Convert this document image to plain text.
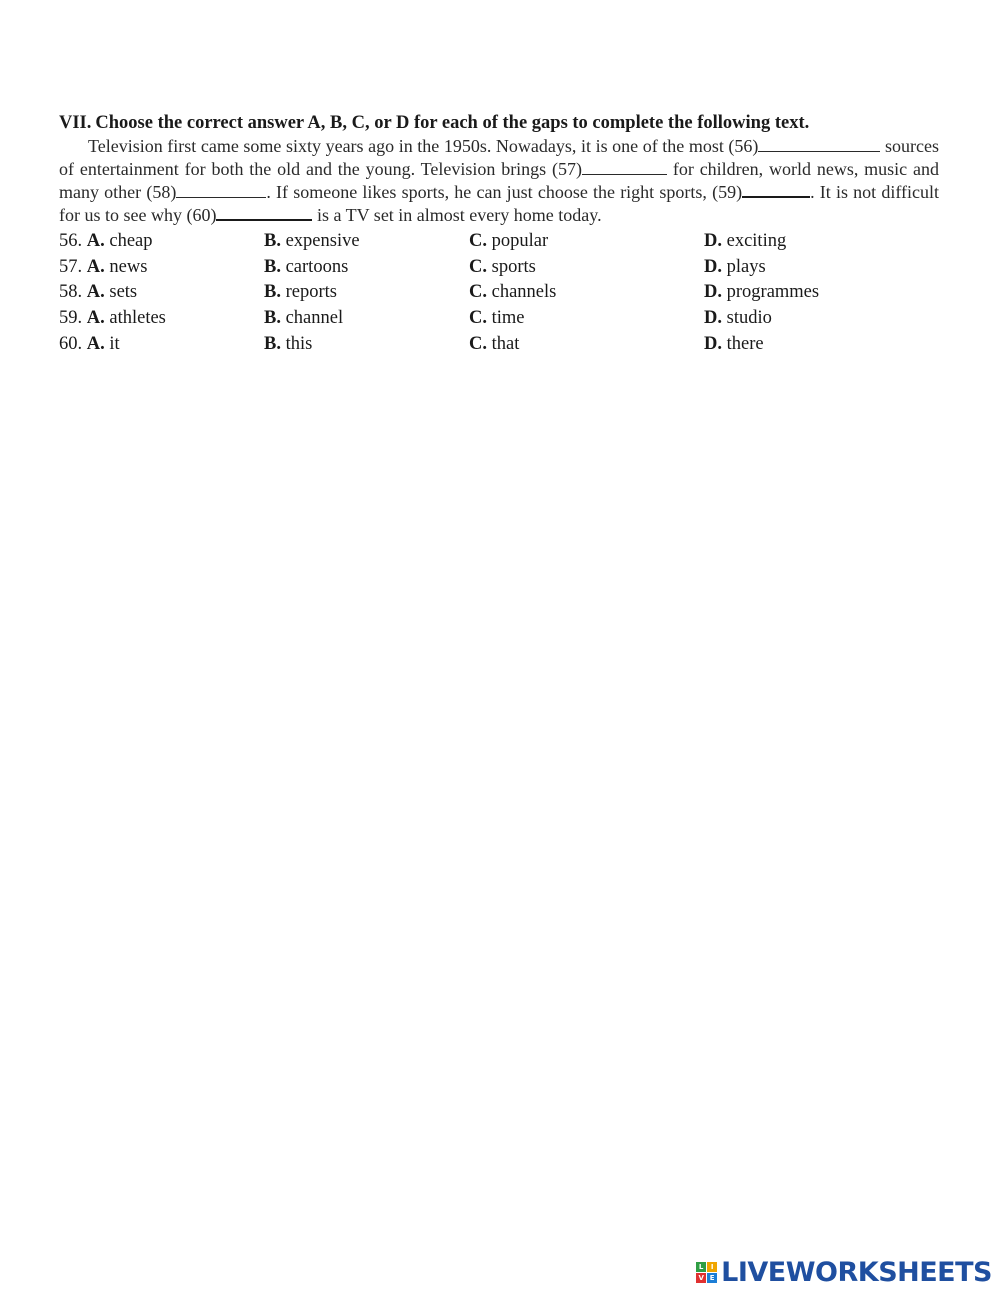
VII. Choose the correct answer A, B, C, or D for each of the gaps to complete the following text.

Television first came some sixty years ago in the 1950s. Nowadays, it is one of the most (56)	sources of entertainment for both the old and the young. Television brings (57)	for children, world news, music and many other (58)	. If someone likes sports, he can just choose the right sports, (59)	. It is not difficult for us to see why (60)	is a TV set in almost every home today.

56. A. cheap	B. expensive	C. popular	D. exciting
57. A. news	B. cartoons	C. sports	D. plays
58. A. sets	B. reports	C. channels	D. programmes
59. A. athletes	B. channel	C. time	D. studio
60. A. it	B. this	C. that	D. there
L	I
V E LIVEWORKSHEETS
